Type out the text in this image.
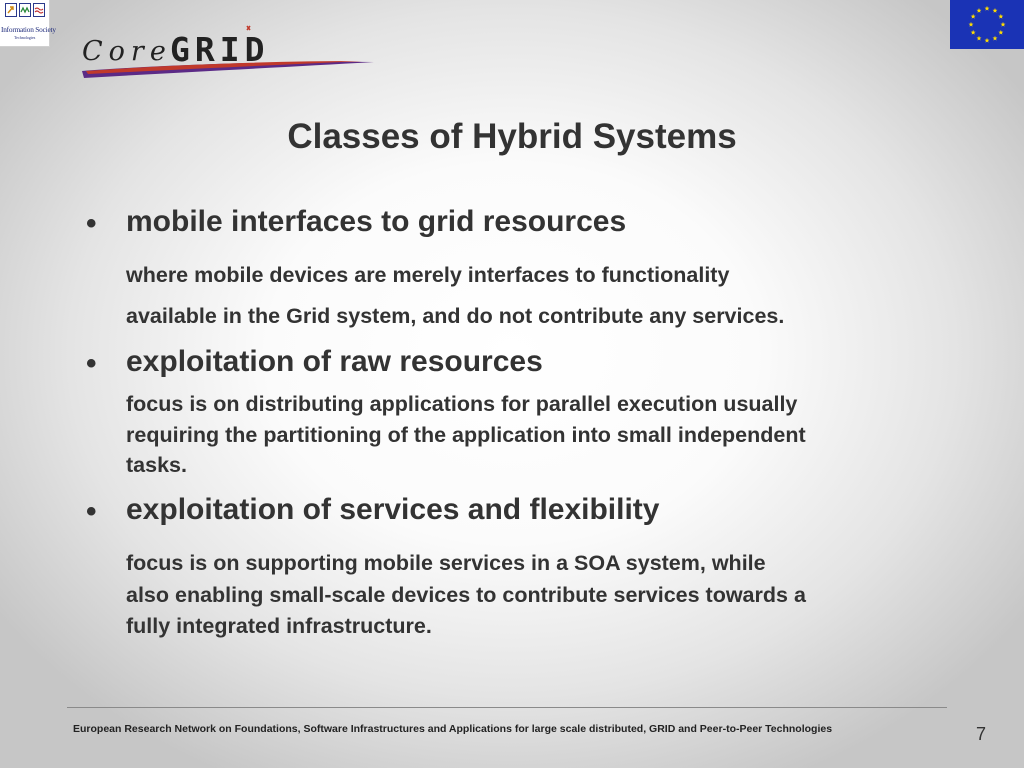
Information Society
Technologies Core
GRID
Classes of Hybrid Systems
• mobile interfaces to grid resources
where mobile devices are merely interfaces to functionality
available in the Grid system, and do not contribute any services.
• exploitation of raw resources
focus is on distributing applications for parallel execution usually
requiring the partitioning of the application into small independent
tasks.
• exploitation of services and flexibility
focus is on supporting mobile services in a SOA system, while
also enabling small-scale devices to contribute services towards a
fully integrated infrastructure.
European Research Network on Foundations, Software Infrastructures and Applications for large scale distributed, GRID and Peer-to-Peer Technologies	7
